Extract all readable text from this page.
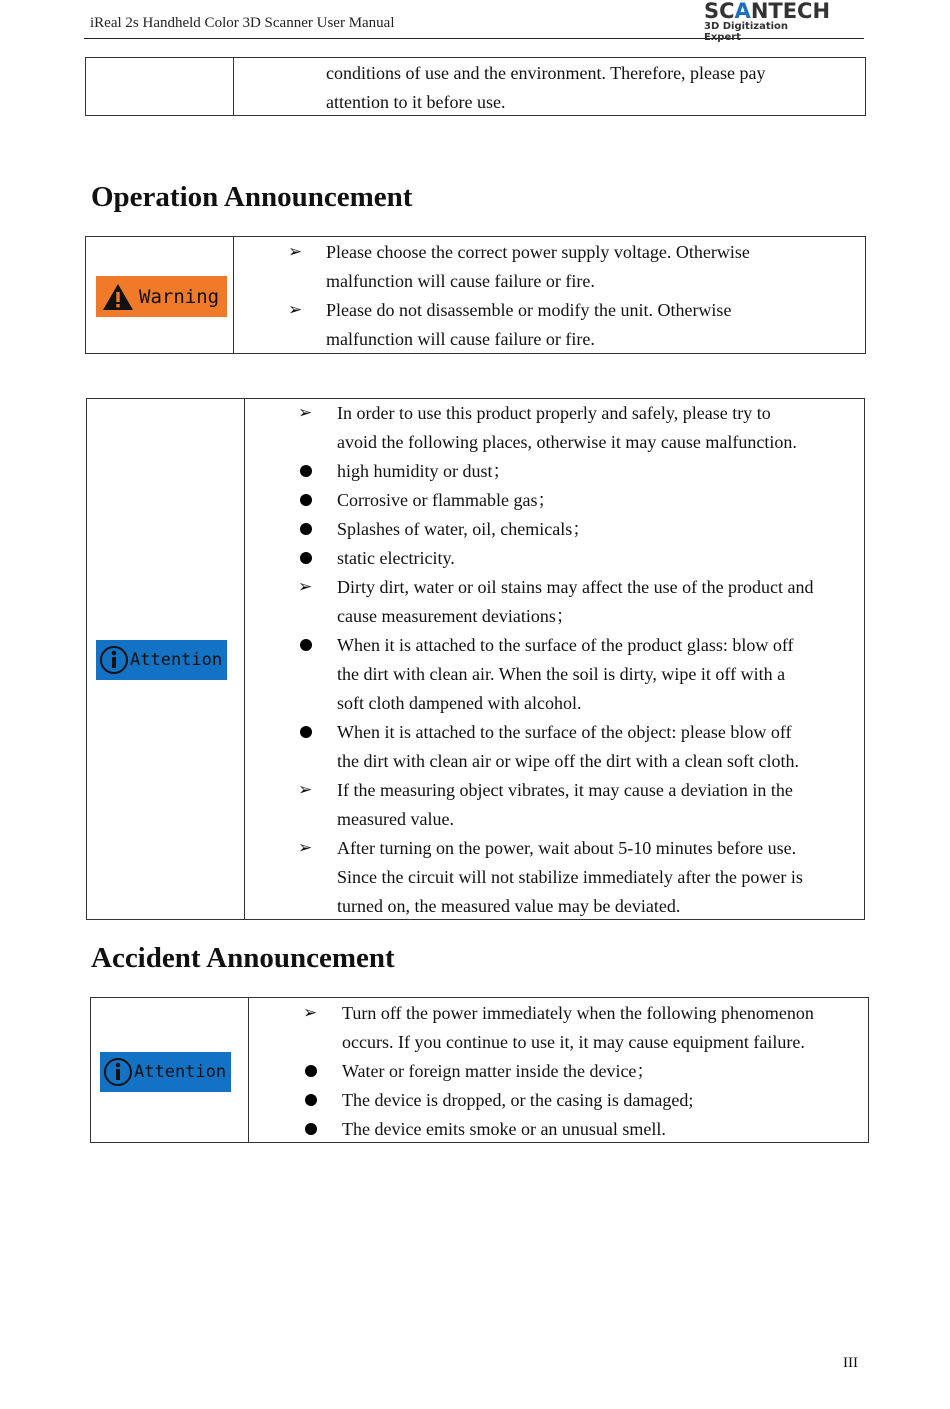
iReal 2s Handheld Color 3D Scanner User Manual	SCANTECH
3D Digitization Expert
conditions of use and the environment. Therefore, please pay
attention to it before use.
Operation Announcement
Warning
➢ Please choose the correct power supply voltage. Otherwise
malfunction will cause failure or fire.
➢ Please do not disassemble or modify the unit. Otherwise
malfunction will cause failure or fire.
Attention
➢ In order to use this product properly and safely, please try to
avoid the following places, otherwise it may cause malfunction.
high humidity or dust；
Corrosive or flammable gas；
Splashes of water, oil, chemicals；
static electricity.
➢ Dirty dirt, water or oil stains may affect the use of the product and
cause measurement deviations；
When it is attached to the surface of the product glass: blow off
the dirt with clean air. When the soil is dirty, wipe it off with a
soft cloth dampened with alcohol.
When it is attached to the surface of the object: please blow off
the dirt with clean air or wipe off the dirt with a clean soft cloth.
➢ If the measuring object vibrates, it may cause a deviation in the
measured value.
➢ After turning on the power, wait about 5-10 minutes before use.
Since the circuit will not stabilize immediately after the power is
turned on, the measured value may be deviated.
Accident Announcement
Attention
➢ Turn off the power immediately when the following phenomenon
occurs. If you continue to use it, it may cause equipment failure.
Water or foreign matter inside the device；
The device is dropped, or the casing is damaged;
The device emits smoke or an unusual smell.
III
